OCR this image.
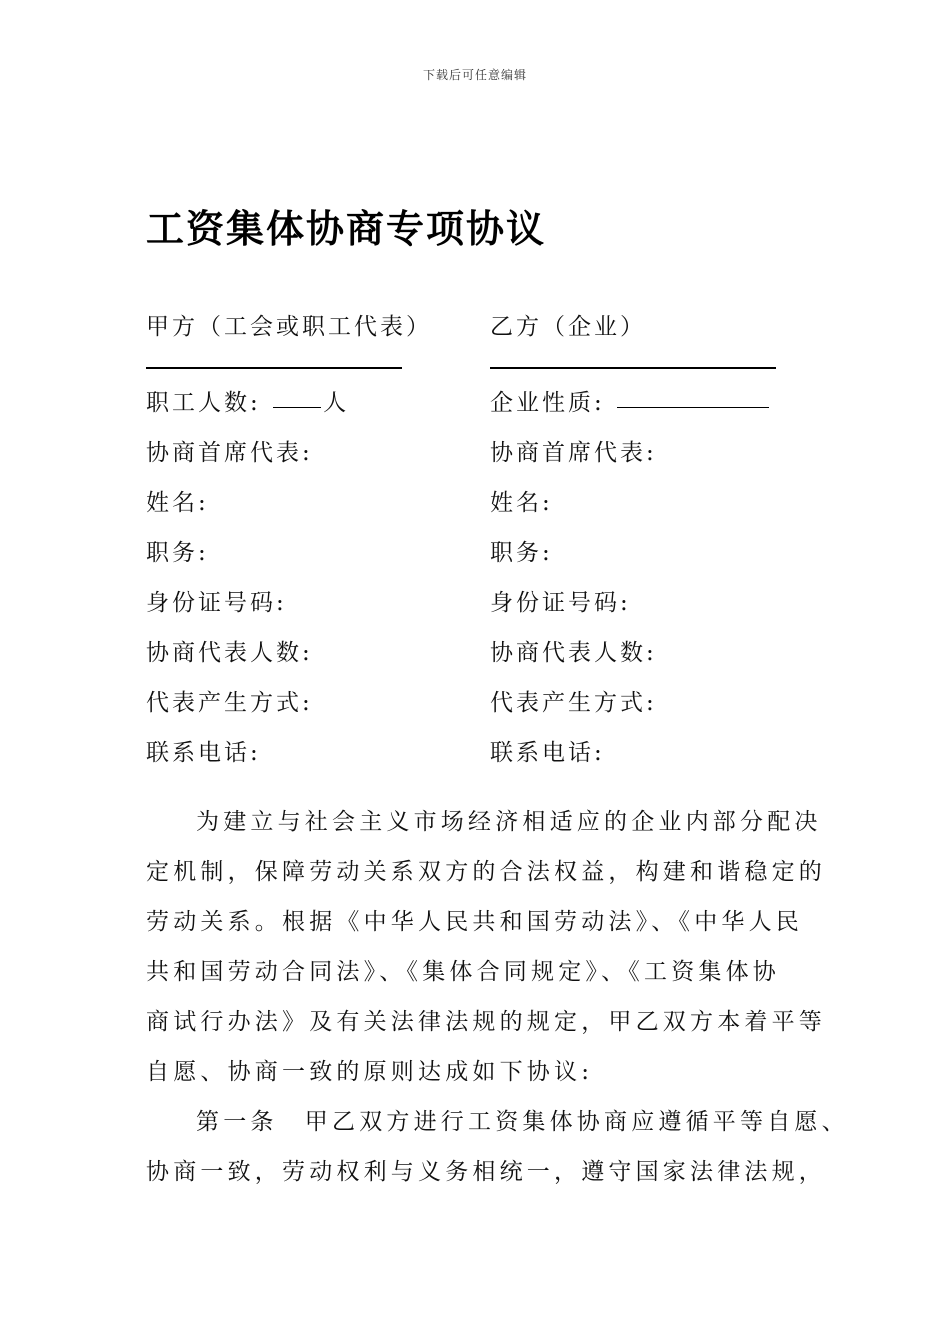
下载后可任意编辑
工资集体协商专项协议
甲方（工会或职工代表）	乙方（企业）
职工人数:	人
协商首席代表:
姓名:
职务:
身份证号码:
协商代表人数:
代表产生方式:
联系电话:
企业性质:
协商首席代表:
姓名:
职务:
身份证号码:
协商代表人数:
代表产生方式:
联系电话:
为建立与社会主义市场经济相适应的企业内部分配决
定机制，保障劳动关系双方的合法权益，构建和谐稳定的
劳动关系。根据《中华人民共和国劳动法》、《中华人民
共和国劳动合同法》、《集体合同规定》、《工资集体协
商试行办法》及有关法律法规的规定，甲乙双方本着平等
自愿、协商一致的原则达成如下协议:
第一条　甲乙双方进行工资集体协商应遵循平等自愿、
协商一致，劳动权利与义务相统一，遵守国家法律法规，
